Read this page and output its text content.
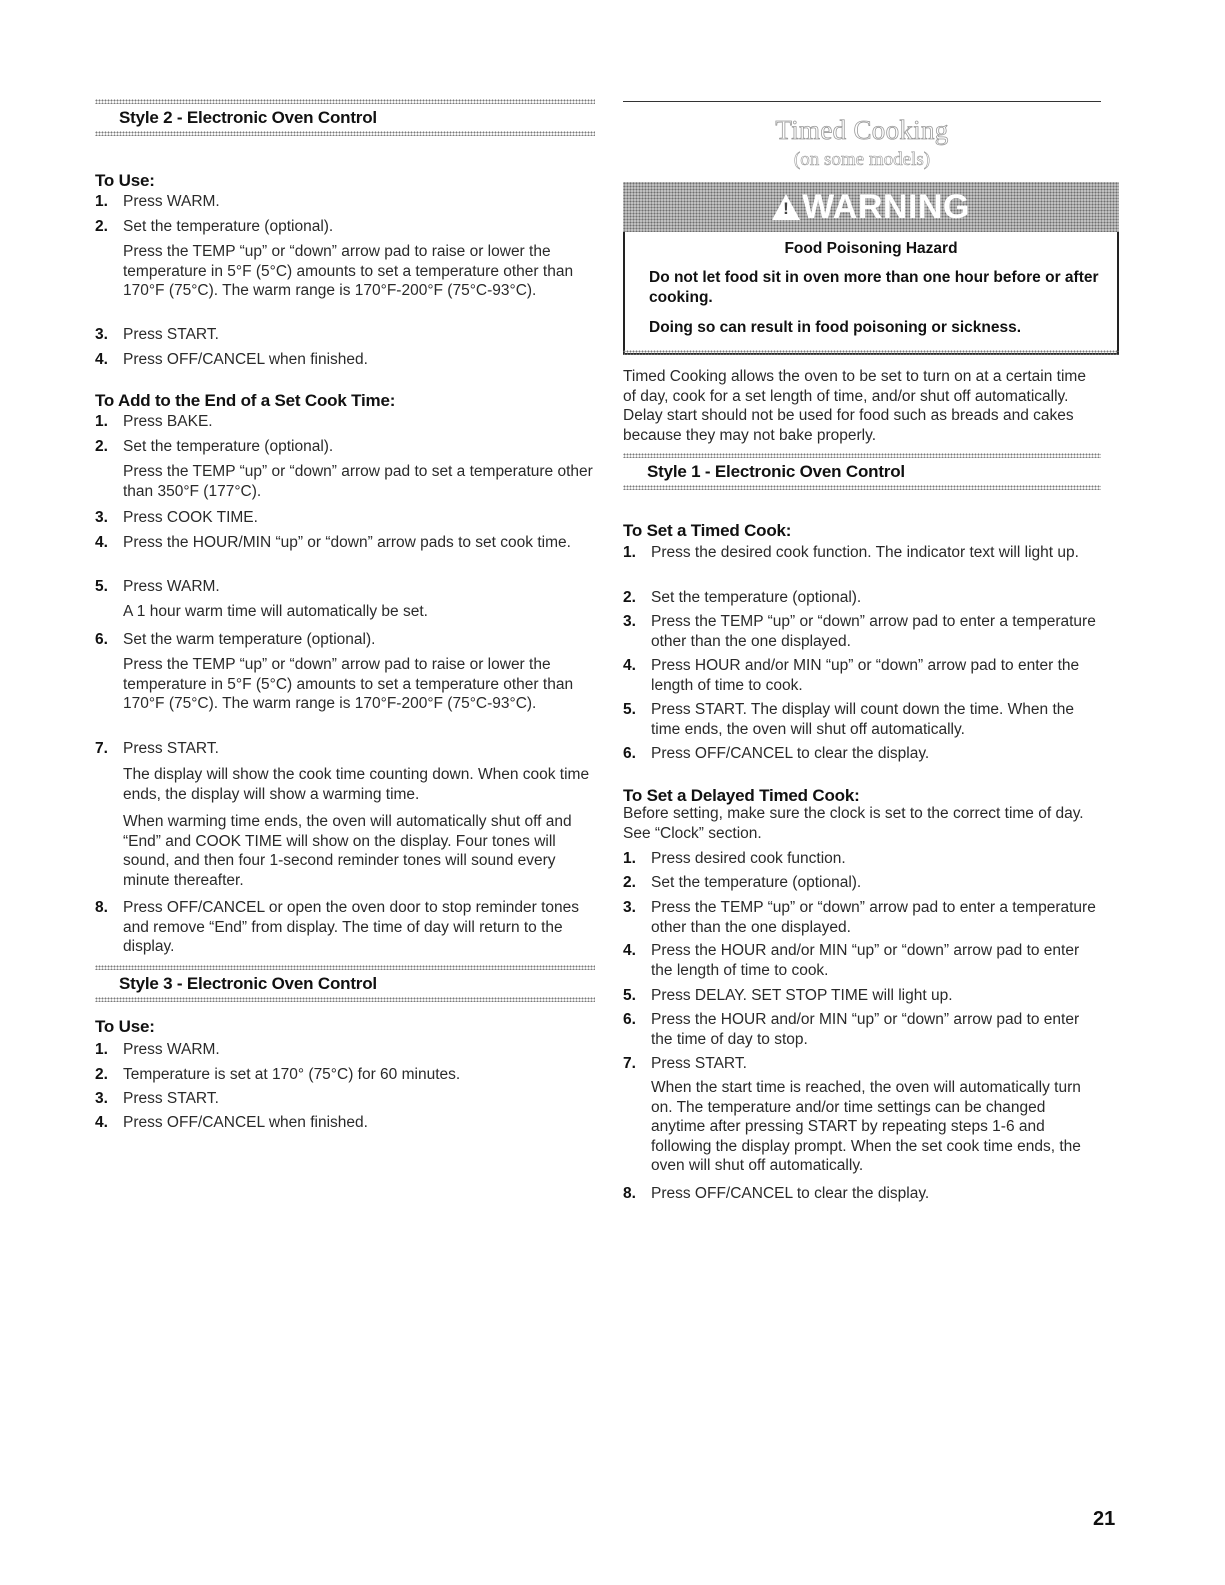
Style 2 - Electronic Oven Control
To Use:
1. Press WARM.
2. Set the temperature (optional).
Press the TEMP “up” or “down” arrow pad to raise or lower the temperature in 5°F (5°C) amounts to set a temperature other than 170°F (75°C). The warm range is 170°F-200°F (75°C-93°C).
3. Press START.
4. Press OFF/CANCEL when finished.
To Add to the End of a Set Cook Time:
1. Press BAKE.
2. Set the temperature (optional).
Press the TEMP “up” or “down” arrow pad to set a temperature other than 350°F (177°C).
3. Press COOK TIME.
4. Press the HOUR/MIN “up” or “down” arrow pads to set cook time.
5. Press WARM.
A 1 hour warm time will automatically be set.
6. Set the warm temperature (optional).
Press the TEMP “up” or “down” arrow pad to raise or lower the temperature in 5°F (5°C) amounts to set a temperature other than 170°F (75°C). The warm range is 170°F-200°F (75°C-93°C).
7. Press START.
The display will show the cook time counting down. When cook time ends, the display will show a warming time.
When warming time ends, the oven will automatically shut off and “End” and COOK TIME will show on the display. Four tones will sound, and then four 1-second reminder tones will sound every minute thereafter.
8. Press OFF/CANCEL or open the oven door to stop reminder tones and remove “End” from display. The time of day will return to the display.
Style 3 - Electronic Oven Control
To Use:
1. Press WARM.
2. Temperature is set at 170° (75°C) for 60 minutes.
3. Press START.
4. Press OFF/CANCEL when finished.
Timed Cooking
(on some models)
!
WARNING
Food Poisoning Hazard
Do not let food sit in oven more than one hour before or after cooking.
Doing so can result in food poisoning or sickness.
Timed Cooking allows the oven to be set to turn on at a certain time of day, cook for a set length of time, and/or shut off automatically. Delay start should not be used for food such as breads and cakes because they may not bake properly.
Style 1 - Electronic Oven Control
To Set a Timed Cook:
1. Press the desired cook function. The indicator text will light up.
2. Set the temperature (optional).
3. Press the TEMP “up” or “down” arrow pad to enter a temperature other than the one displayed.
4. Press HOUR and/or MIN “up” or “down” arrow pad to enter the length of time to cook.
5. Press START. The display will count down the time. When the time ends, the oven will shut off automatically.
6. Press OFF/CANCEL to clear the display.
To Set a Delayed Timed Cook:
Before setting, make sure the clock is set to the correct time of day. See “Clock” section.
1. Press desired cook function.
2. Set the temperature (optional).
3. Press the TEMP “up” or “down” arrow pad to enter a temperature other than the one displayed.
4. Press the HOUR and/or MIN “up” or “down” arrow pad to enter the length of time to cook.
5. Press DELAY. SET STOP TIME will light up.
6. Press the HOUR and/or MIN “up” or “down” arrow pad to enter the time of day to stop.
7. Press START.
When the start time is reached, the oven will automatically turn on. The temperature and/or time settings can be changed anytime after pressing START by repeating steps 1-6 and following the display prompt. When the set cook time ends, the oven will shut off automatically.
8. Press OFF/CANCEL to clear the display.
21
